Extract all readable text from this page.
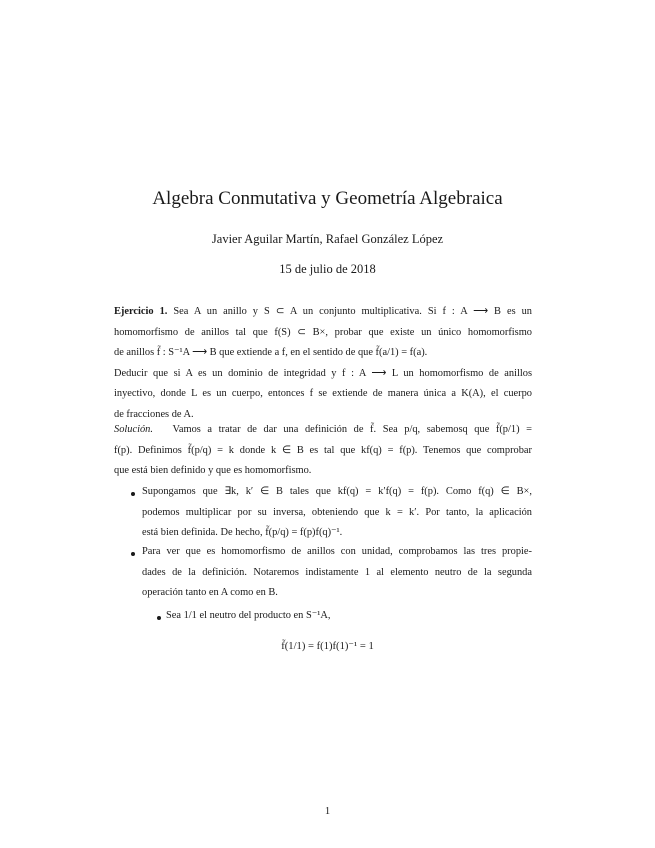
Algebra Conmutativa y Geometría Algebraica
Javier Aguilar Martín, Rafael González López
15 de julio de 2018
Ejercicio 1. Sea A un anillo y S ⊂ A un conjunto multiplicativa. Si f : A ⟶ B es un
homomorfismo de anillos tal que f(S) ⊂ B×, probar que existe un único homomorfismo
de anillos f̃ : S⁻¹A ⟶ B que extiende a f, en el sentido de que f̃(a/1) = f(a).
Deducir que si A es un dominio de integridad y f : A ⟶ L un homomorfismo de anillos
inyectivo, donde L es un cuerpo, entonces f se extiende de manera única a K(A), el cuerpo
de fracciones de A.
Solución. Vamos a tratar de dar una definición de f̃. Sea p/q, sabemosq que f̃(p/1) =
f(p). Definimos f̃(p/q) = k donde k ∈ B es tal que kf(q) = f(p). Tenemos que comprobar
que está bien definido y que es homomorfismo.
Supongamos que ∃k, k′ ∈ B tales que kf(q) = k′f(q) = f(p). Como f(q) ∈ B×,
podemos multiplicar por su inversa, obteniendo que k = k′. Por tanto, la aplicación
está bien definida. De hecho, f̃(p/q) = f(p)f(q)⁻¹.
Para ver que es homomorfismo de anillos con unidad, comprobamos las tres propie-
dades de la definición. Notaremos indistamente 1 al elemento neutro de la segunda
operación tanto en A como en B.
Sea 1/1 el neutro del producto en S⁻¹A,
f̃(1/1) = f(1)f(1)⁻¹ = 1
1
